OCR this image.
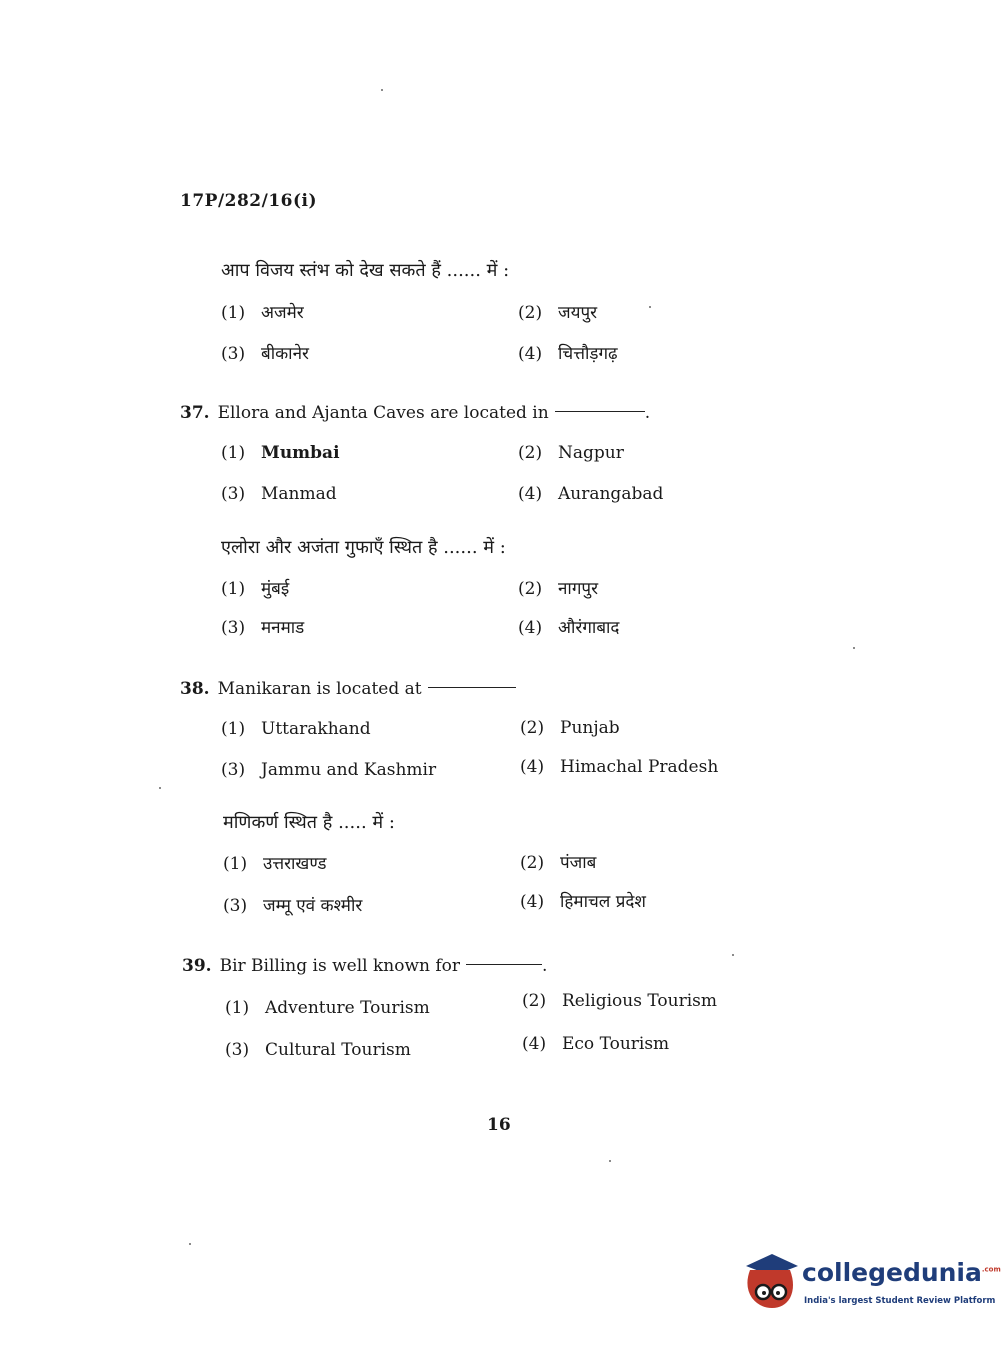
17P/282/16(i)
आप विजय स्तंभ को देख सकते हैं ...... में :
(1) अजमेर	(2) जयपुर
(3) बीकानेर	(4) चित्तौड़गढ़
37. Ellora and Ajanta Caves are located in	.
(1) Mumbai	(2) Nagpur
(3) Manmad	(4) Aurangabad
एलोरा और अजंता गुफाएँ स्थित है ...... में :
(1) मुंबई	(2) नागपुर
(3) मनमाड	(4) औरंगाबाद
38. Manikaran is located at
(1) Uttarakhand	(2) Punjab
(3) Jammu and Kashmir	(4) Himachal Pradesh
मणिकर्ण स्थित है ..... में :
(1) उत्तराखण्ड	(2) पंजाब
(3) जम्मू एवं कश्मीर	(4) हिमाचल प्रदेश
39. Bir Billing is well known for	.
(1) Adventure Tourism	(2) Religious Tourism
(3) Cultural Tourism	(4) Eco Tourism
16
collegedunia$^{.com}$
India's largest Student Review Platform
